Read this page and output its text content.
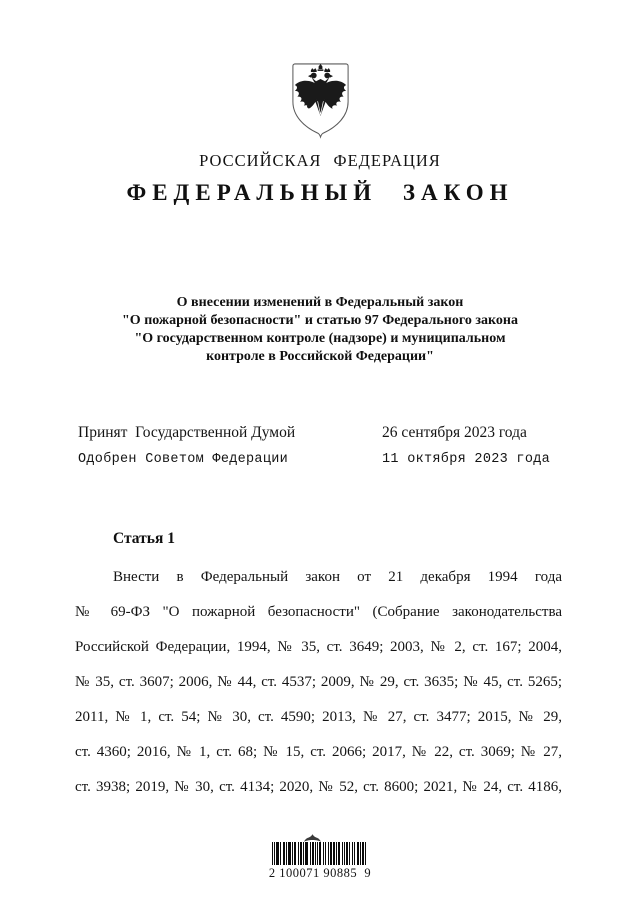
РОССИЙСКАЯ ФЕДЕРАЦИЯ
ФЕДЕРАЛЬНЫЙ ЗАКОН
О внесении изменений в Федеральный закон
"О пожарной безопасности" и статью 97 Федерального закона
"О государственном контроле (надзоре) и муниципальном
контроле в Российской Федерации"
Принят  Государственной Думой	26 сентября 2023 года
Одобрен Советом Федерации	11 октября 2023 года
Статья 1
Внести в Федеральный закон от 21 декабря 1994 года
№ 69-ФЗ "О пожарной безопасности" (Собрание законодательства
Российской Федерации, 1994, № 35, ст. 3649; 2003, № 2, ст. 167; 2004,
№ 35, ст. 3607; 2006, № 44, ст. 4537; 2009, № 29, ст. 3635; № 45, ст. 5265;
2011, № 1, ст. 54; № 30, ст. 4590; 2013, № 27, ст. 3477; 2015, № 29,
ст. 4360; 2016, № 1, ст. 68; № 15, ст. 2066; 2017, № 22, ст. 3069; № 27,
ст. 3938; 2019, № 30, ст. 4134; 2020, № 52, ст. 8600; 2021, № 24, ст. 4186,
2 100071 90885  9
